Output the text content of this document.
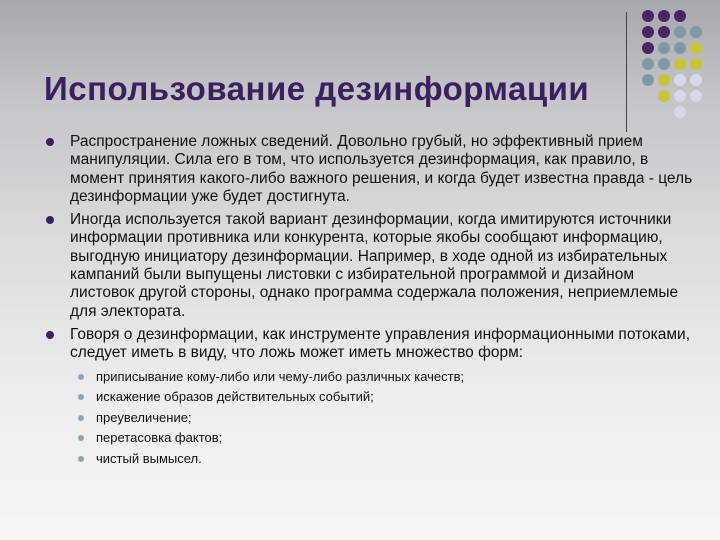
Использование дезинформации
Распространение ложных сведений. Довольно грубый, но эффективный прием манипуляции. Сила его в том, что используется дезинформация, как правило, в момент принятия какого-либо важного решения, и когда будет известна правда - цель дезинформации уже будет достигнута.
Иногда используется такой вариант дезинформации, когда имитируются источники информации противника или конкурента, которые якобы сообщают информацию, выгодную инициатору дезинформации. Например, в ходе одной из избирательных кампаний были выпущены листовки с избирательной программой и дизайном листовок другой стороны, однако программа содержала положения, неприемлемые для электората.
Говоря о дезинформации, как инструменте управления информационными потоками, следует иметь в виду, что ложь может иметь множество форм:
приписывание кому-либо или чему-либо различных качеств;
искажение образов действительных событий;
преувеличение;
перетасовка фактов;
чистый вымысел.
